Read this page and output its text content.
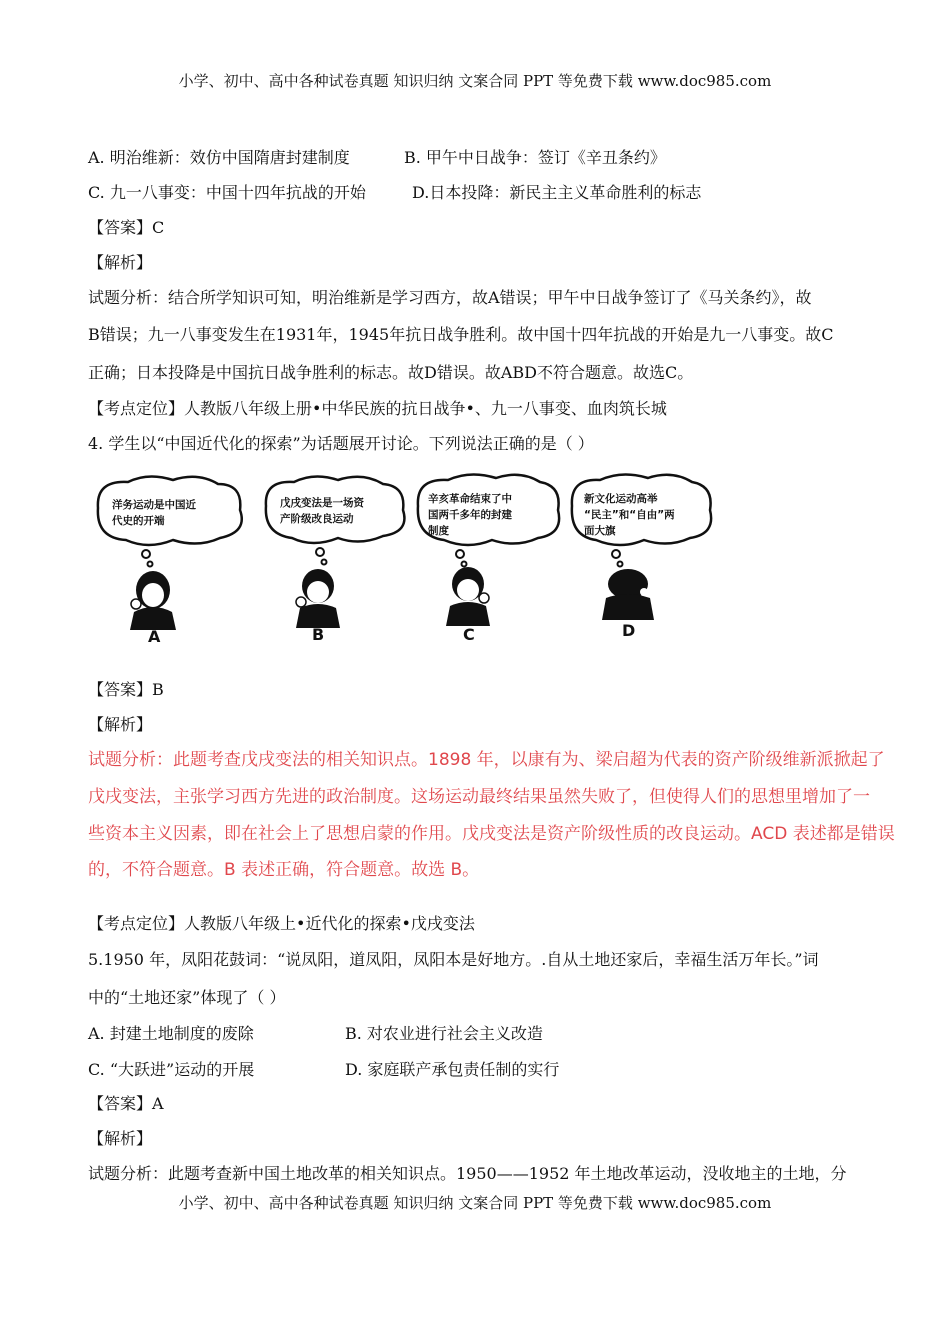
小学、初中、高中各种试卷真题 知识归纳 文案合同 PPT 等免费下载 www.doc985.com
A. 明治维新：效仿中国隋唐封建制度	B. 甲午中日战争：签订《辛丑条约》
C. 九一八事变：中国十四年抗战的开始	D.日本投降：新民主主义革命胜利的标志
【答案】C
【解析】
试题分析：结合所学知识可知，明治维新是学习西方，故A错误；甲午中日战争签订了《马关条约》，故
B错误；九一八事变发生在1931年，1945年抗日战争胜利。故中国十四年抗战的开始是九一八事变。故C
正确；日本投降是中国抗日战争胜利的标志。故D错误。故ABD不符合题意。故选C。
【考点定位】人教版八年级上册•中华民族的抗日战争•、九一八事变、血肉筑长城
4. 学生以“中国近代化的探索”为话题展开讨论。下列说法正确的是（ ）
洋务运动是中国近
代史的开端
A
戊戌变法是一场资
产阶级改良运动
B
辛亥革命结束了中
国两千多年的封建
制度
C
新文化运动高举
“民主”和“自由”两
面大旗
D
【答案】B
【解析】
试题分析：此题考查戊戌变法的相关知识点。1898 年，以康有为、梁启超为代表的资产阶级维新派掀起了
戊戌变法，主张学习西方先进的政治制度。这场运动最终结果虽然失败了，但使得人们的思想里增加了一
些资本主义因素，即在社会上了思想启蒙的作用。戊戌变法是资产阶级性质的改良运动。ACD 表述都是错误
的，不符合题意。B 表述正确，符合题意。故选 B。
【考点定位】人教版八年级上•近代化的探索•戊戌变法
5.1950 年，凤阳花鼓词：“说凤阳，道凤阳，凤阳本是好地方。.自从土地还家后，幸福生活万年长。”词
中的“土地还家”体现了（ ）
A. 封建土地制度的废除	B. 对农业进行社会主义改造
C. “大跃进”运动的开展	D. 家庭联产承包责任制的实行
【答案】A
【解析】
试题分析：此题考查新中国土地改革的相关知识点。1950——1952 年土地改革运动，没收地主的土地，分
小学、初中、高中各种试卷真题 知识归纳 文案合同 PPT 等免费下载 www.doc985.com
